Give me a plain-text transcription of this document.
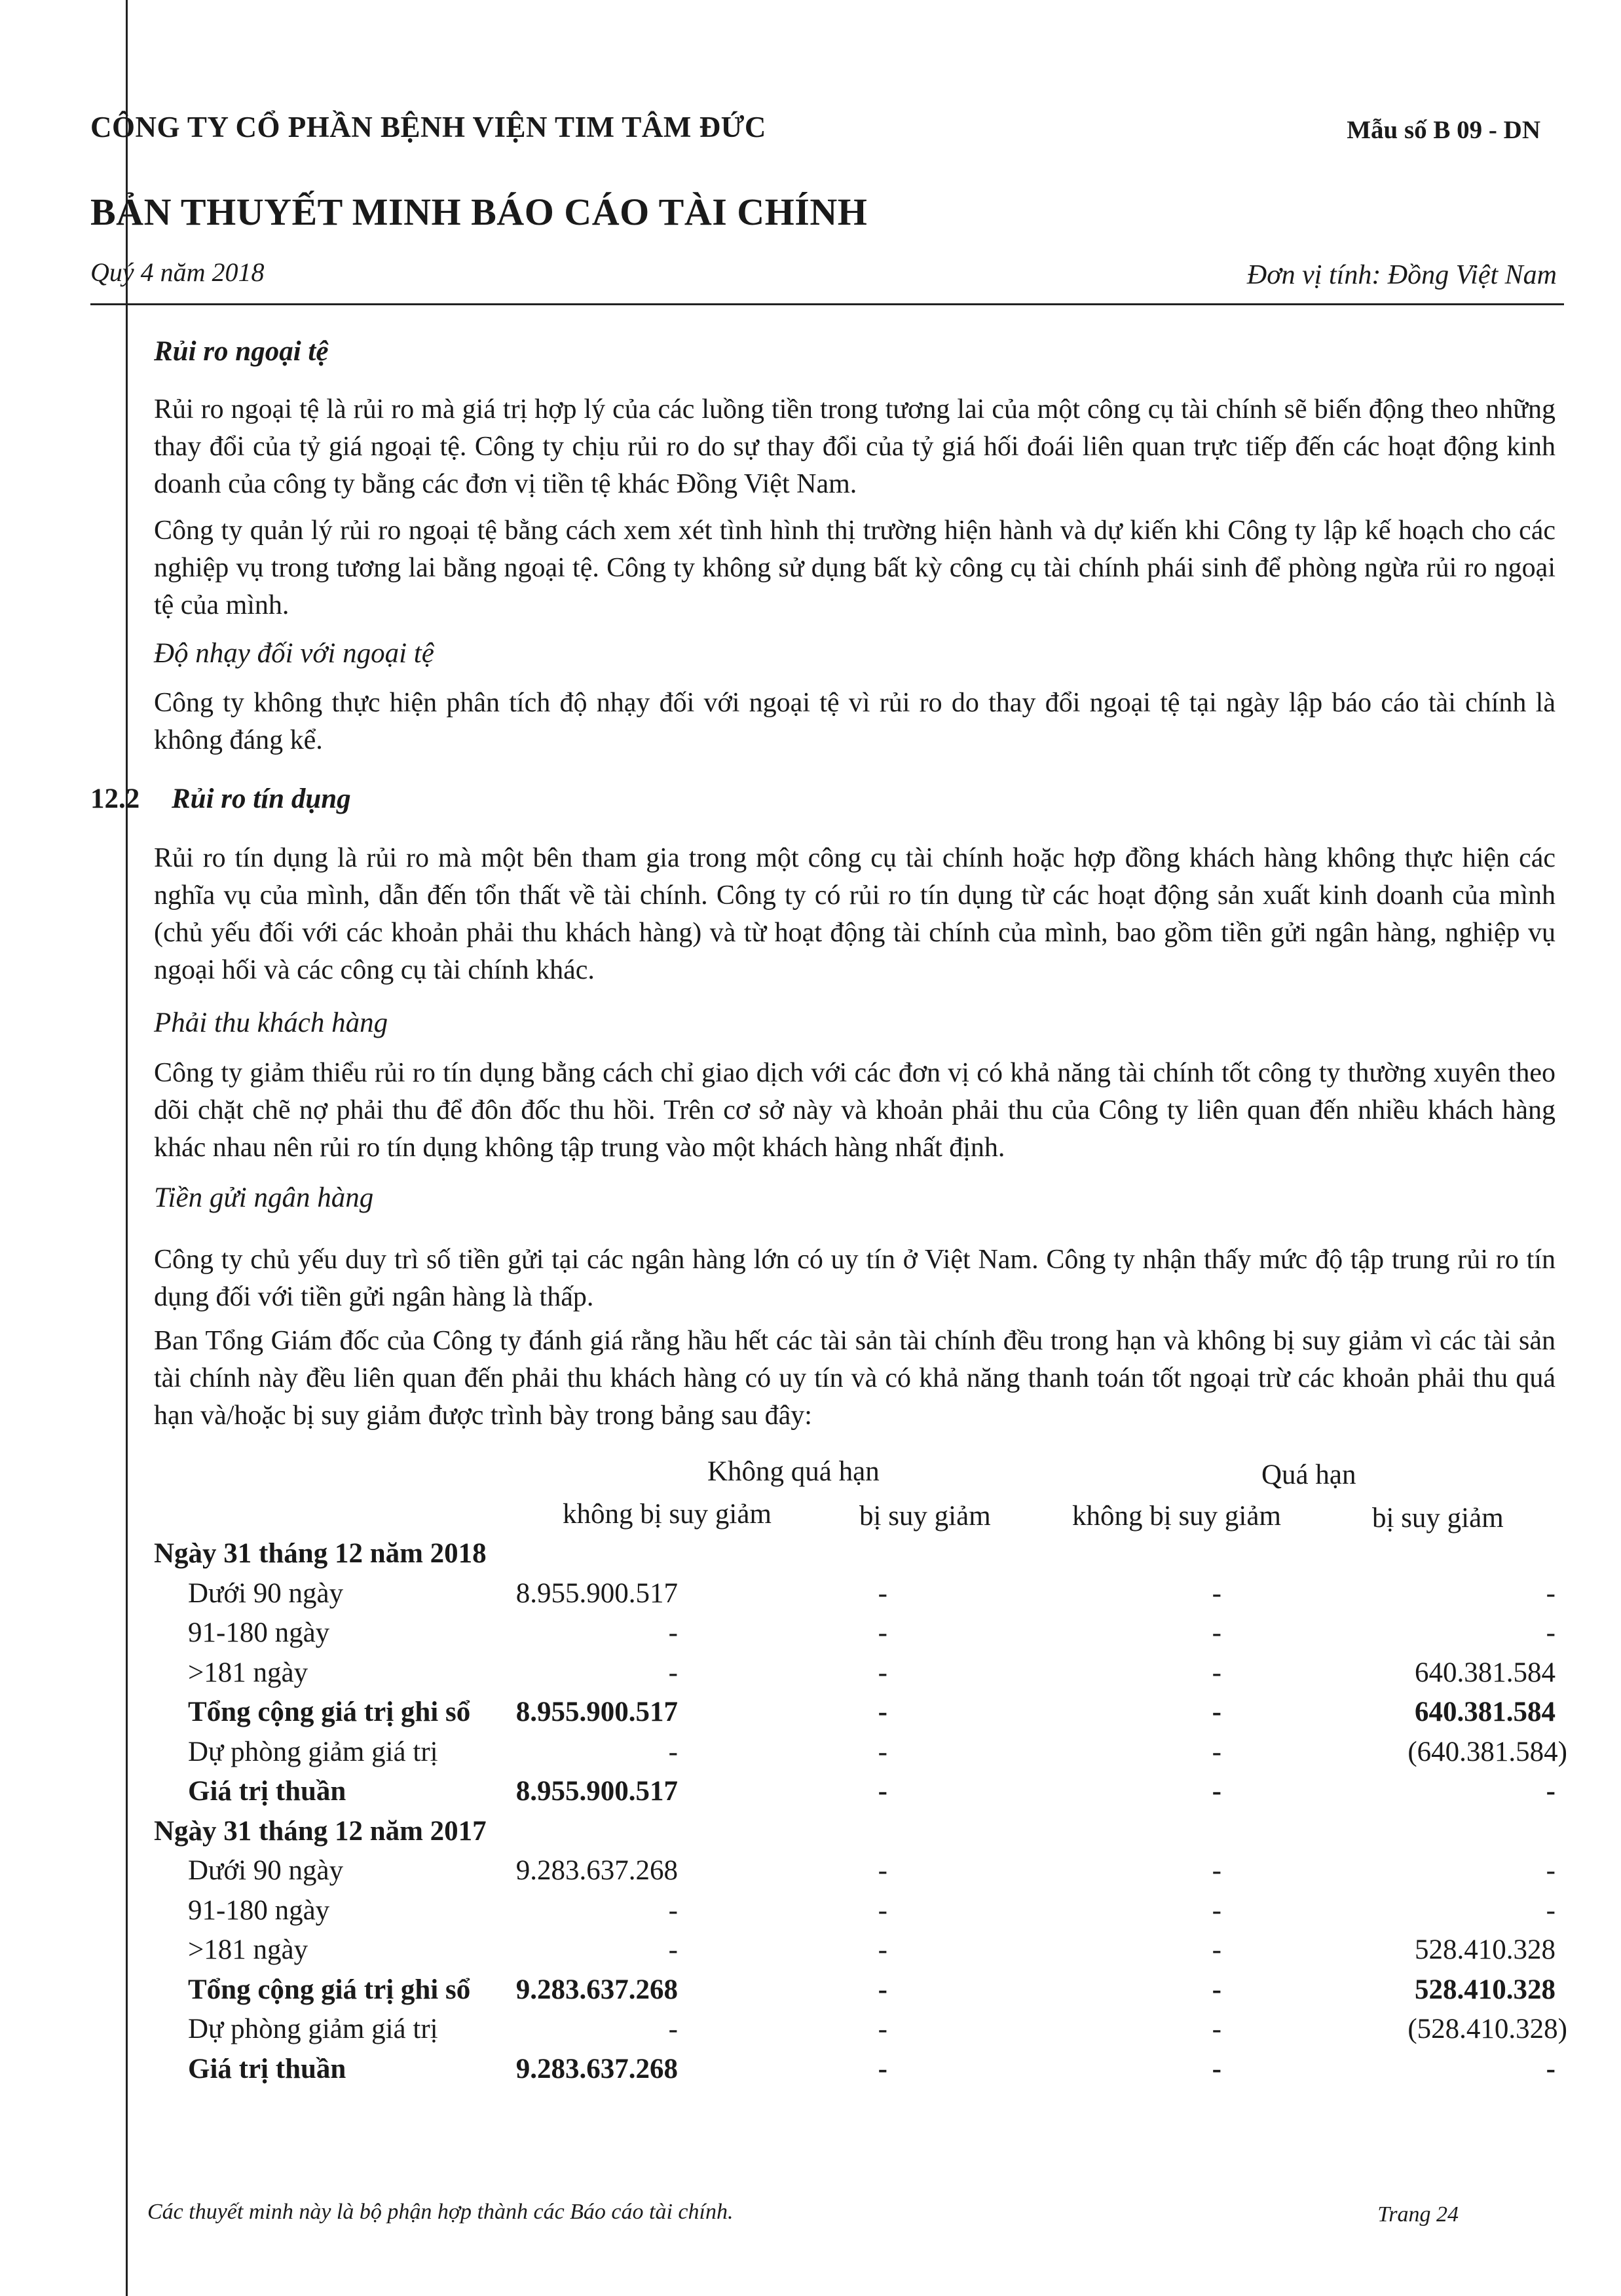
CÔNG TY CỔ PHẦN BỆNH VIỆN TIM TÂM ĐỨC	Mẫu số B 09 - DN
BẢN THUYẾT MINH BÁO CÁO TÀI CHÍNH
Quý 4 năm 2018	Đơn vị tính: Đồng Việt Nam
Rủi ro ngoại tệ
Rủi ro ngoại tệ là rủi ro mà giá trị hợp lý của các luồng tiền trong tương lai của một công cụ tài chính sẽ biến động theo những thay đổi của tỷ giá ngoại tệ. Công ty chịu rủi ro do sự thay đổi của tỷ giá hối đoái liên quan trực tiếp đến các hoạt động kinh doanh của công ty bằng các đơn vị tiền tệ khác Đồng Việt Nam.
Công ty quản lý rủi ro ngoại tệ bằng cách xem xét tình hình thị trường hiện hành và dự kiến khi Công ty lập kế hoạch cho các nghiệp vụ trong tương lai bằng ngoại tệ. Công ty không sử dụng bất kỳ công cụ tài chính phái sinh để phòng ngừa rủi ro ngoại tệ của mình.
Độ nhạy đối với ngoại tệ
Công ty không thực hiện phân tích độ nhạy đối với ngoại tệ vì rủi ro do thay đổi ngoại tệ tại ngày lập báo cáo tài chính là không đáng kể.
12.2 Rủi ro tín dụng
Rủi ro tín dụng là rủi ro mà một bên tham gia trong một công cụ tài chính hoặc hợp đồng khách hàng không thực hiện các nghĩa vụ của mình, dẫn đến tổn thất về tài chính. Công ty có rủi ro tín dụng từ các hoạt động sản xuất kinh doanh của mình (chủ yếu đối với các khoản phải thu khách hàng) và từ hoạt động tài chính của mình, bao gồm tiền gửi ngân hàng, nghiệp vụ ngoại hối và các công cụ tài chính khác.
Phải thu khách hàng
Công ty giảm thiểu rủi ro tín dụng bằng cách chỉ giao dịch với các đơn vị có khả năng tài chính tốt công ty thường xuyên theo dõi chặt chẽ nợ phải thu để đôn đốc thu hồi. Trên cơ sở này và khoản phải thu của Công ty liên quan đến nhiều khách hàng khác nhau nên rủi ro tín dụng không tập trung vào một khách hàng nhất định.
Tiền gửi ngân hàng
Công ty chủ yếu duy trì số tiền gửi tại các ngân hàng lớn có uy tín ở Việt Nam. Công ty nhận thấy mức độ tập trung rủi ro tín dụng đối với tiền gửi ngân hàng là thấp.
Ban Tổng Giám đốc của Công ty đánh giá rằng hầu hết các tài sản tài chính đều trong hạn và không bị suy giảm vì các tài sản tài chính này đều liên quan đến phải thu khách hàng có uy tín và có khả năng thanh toán tốt ngoại trừ các khoản phải thu quá hạn và/hoặc bị suy giảm được trình bày trong bảng sau đây:
Không quá hạn	Quá hạn
không bị suy giảm	bị suy giảm	không bị suy giảm	bị suy giảm
Ngày 31 tháng 12 năm 2018
Dưới 90 ngày	8.955.900.517	-	-	-
91-180 ngày	-	-	-	-
>181 ngày	-	-	-	640.381.584
Tổng cộng giá trị ghi sổ 8.955.900.517	-	-	640.381.584
Dự phòng giảm giá trị	-	-	-	(640.381.584)
Giá trị thuần	8.955.900.517	-	-	-
Ngày 31 tháng 12 năm 2017
Dưới 90 ngày	9.283.637.268	-	-	-
91-180 ngày	-	-	-	-
>181 ngày	-	-	-	528.410.328
Tổng cộng giá trị ghi sổ 9.283.637.268	-	-	528.410.328
Dự phòng giảm giá trị	-	-	-	(528.410.328)
Giá trị thuần	9.283.637.268	-	-	-
Các thuyết minh này là bộ phận hợp thành các Báo cáo tài chính.	Trang 24
